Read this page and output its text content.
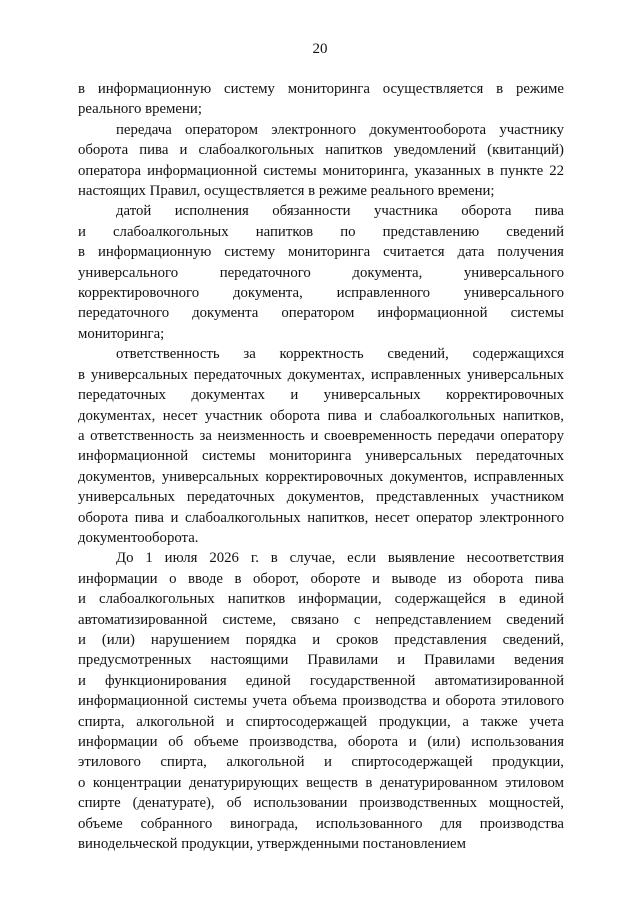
20
в информационную систему мониторинга осуществляется в режиме
реального времени;
передача оператором электронного документооборота участнику
оборота пива и слабоалкогольных напитков уведомлений (квитанций)
оператора информационной системы мониторинга, указанных в пункте 22
настоящих Правил, осуществляется в режиме реального времени;
датой исполнения обязанности участника оборота пива
и слабоалкогольных напитков по представлению сведений
в информационную систему мониторинга считается дата получения
универсального передаточного документа, универсального
корректировочного документа, исправленного универсального
передаточного документа оператором информационной системы
мониторинга;
ответственность за корректность сведений, содержащихся
в универсальных передаточных документах, исправленных универсальных
передаточных документах и универсальных корректировочных
документах, несет участник оборота пива и слабоалкогольных напитков,
а ответственность за неизменность и своевременность передачи оператору
информационной системы мониторинга универсальных передаточных
документов, универсальных корректировочных документов, исправленных
универсальных передаточных документов, представленных участником
оборота пива и слабоалкогольных напитков, несет оператор электронного
документооборота.
До 1 июля 2026 г. в случае, если выявление несоответствия
информации о вводе в оборот, обороте и выводе из оборота пива
и слабоалкогольных напитков информации, содержащейся в единой
автоматизированной системе, связано с непредставлением сведений
и (или) нарушением порядка и сроков представления сведений,
предусмотренных настоящими Правилами и Правилами ведения
и функционирования единой государственной автоматизированной
информационной системы учета объема производства и оборота этилового
спирта, алкогольной и спиртосодержащей продукции, а также учета
информации об объеме производства, оборота и (или) использования
этилового спирта, алкогольной и спиртосодержащей продукции,
о концентрации денатурирующих веществ в денатурированном этиловом
спирте (денатурате), об использовании производственных мощностей,
объеме собранного винограда, использованного для производства
винодельческой продукции, утвержденными постановлением
